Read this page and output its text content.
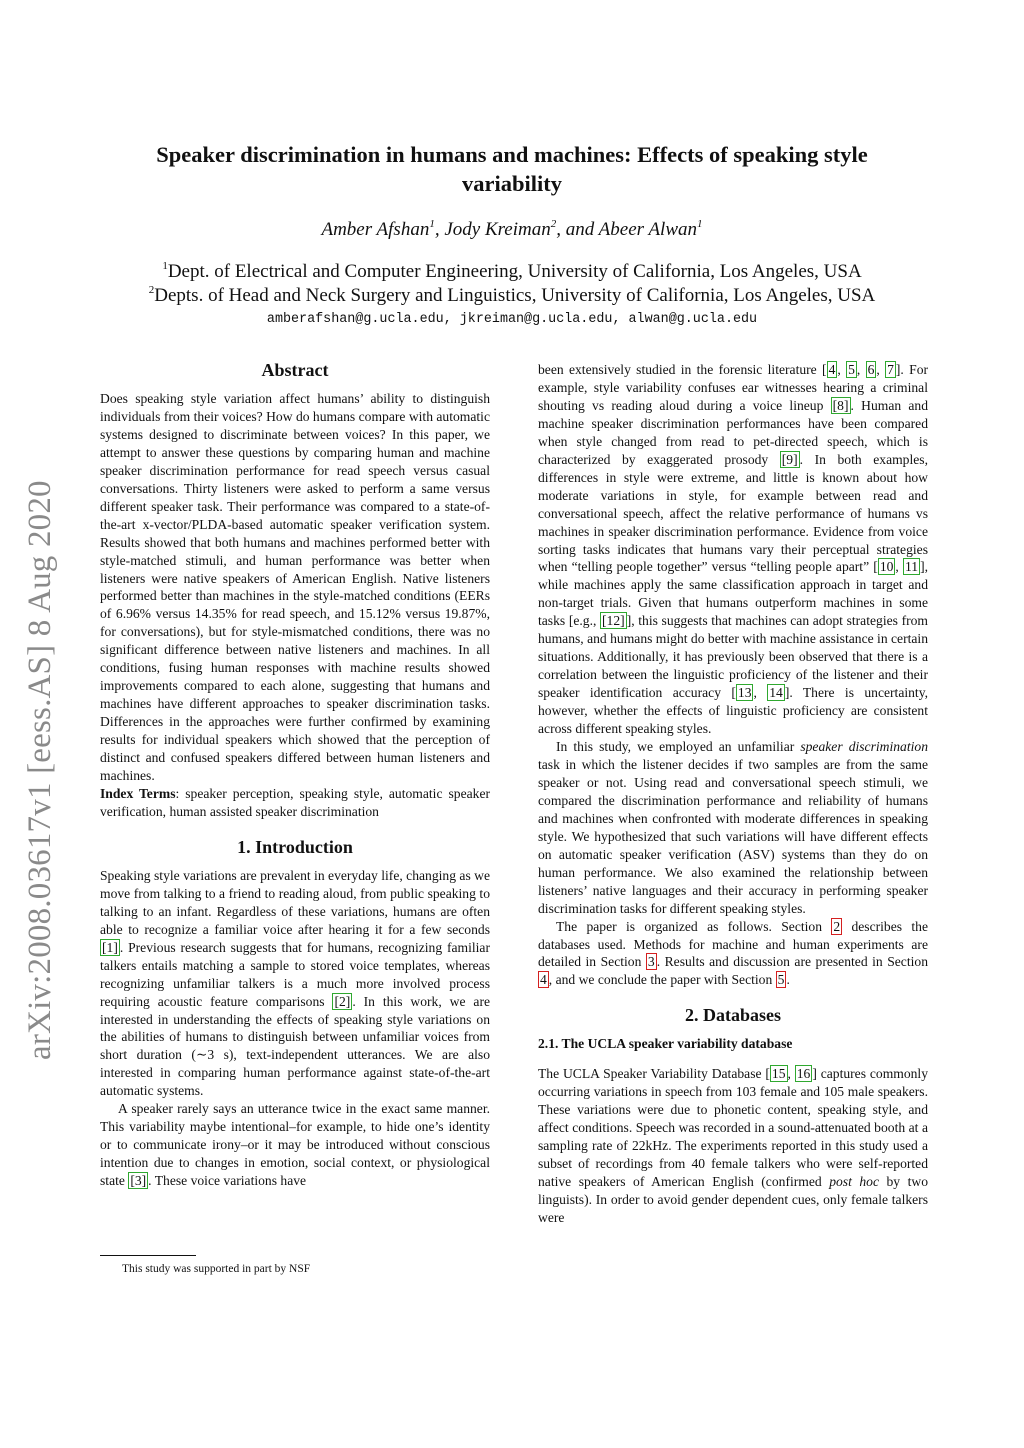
arXiv:2008.03617v1 [eess.AS] 8 Aug 2020
Speaker discrimination in humans and machines: Effects of speaking style
variability
Amber Afshan$^1$, Jody Kreiman$^2$, and Abeer Alwan$^1$
$^1$Dept. of Electrical and Computer Engineering, University of California, Los Angeles, USA
$^2$Depts. of Head and Neck Surgery and Linguistics, University of California, Los Angeles, USA
amberafshan@g.ucla.edu, jkreiman@g.ucla.edu, alwan@g.ucla.edu
Abstract

Does speaking style variation affect humans’ ability to distinguish individuals from their voices? How do humans compare with automatic systems designed to discriminate between voices? In this paper, we attempt to answer these questions by comparing human and machine speaker discrimination performance for read speech versus casual conversations. Thirty listeners were asked to perform a same versus different speaker task. Their performance was compared to a state-of-the-art x-vector/PLDA-based automatic speaker verification system. Results showed that both humans and machines performed better with style-matched stimuli, and human performance was better when listeners were native speakers of American English. Native listeners performed better than machines in the style-matched conditions (EERs of 6.96% versus 14.35% for read speech, and 15.12% versus 19.87%, for conversations), but for style-mismatched conditions, there was no significant difference between native listeners and machines. In all conditions, fusing human responses with machine results showed improvements compared to each alone, suggesting that humans and machines have different approaches to speaker discrimination tasks. Differences in the approaches were further confirmed by examining results for individual speakers which showed that the perception of distinct and confused speakers differed between human listeners and machines.

Index Terms: speaker perception, speaking style, automatic speaker verification, human assisted speaker discrimination

1. Introduction

Speaking style variations are prevalent in everyday life, changing as we move from talking to a friend to reading aloud, from public speaking to talking to an infant. Regardless of these variations, humans are often able to recognize a familiar voice after hearing it for a few seconds [1] . Previous research suggests that for humans, recognizing familiar talkers entails matching a sample to stored voice templates, whereas recognizing unfamiliar talkers is a much more involved process requiring acoustic feature comparisons [2] . In this work, we are interested in understanding the effects of speaking style variations on the abilities of humans to distinguish between unfamiliar voices from short duration (∼3 s), text-independent utterances. We are also interested in comparing human performance against state-of-the-art automatic systems.

A speaker rarely says an utterance twice in the exact same manner. This variability maybe intentional–for example, to hide one’s identity or to communicate irony–or it may be introduced without conscious intention due to changes in emotion, social context, or physiological state [3] . These voice variations have

This study was supported in part by NSF

been extensively studied in the forensic literature [ 4 , 5 , 6 , 7 ]. For example, style variability confuses ear witnesses hearing a criminal shouting vs reading aloud during a voice lineup [8] . Human and machine speaker discrimination performances have been compared when style changed from read to pet-directed speech, which is characterized by exaggerated prosody [9] . In both examples, differences in style were extreme, and little is known about how moderate variations in style, for example between read and conversational speech, affect the relative performance of humans vs machines in speaker discrimination performance. Evidence from voice sorting tasks indicates that humans vary their perceptual strategies when “telling people together” versus “telling people apart” [ 10 , 11 ], while machines apply the same classification approach in target and non-target trials. Given that humans outperform machines in some tasks [e.g., [12] ], this suggests that machines can adopt strategies from humans, and humans might do better with machine assistance in certain situations. Additionally, it has previously been observed that there is a correlation between the linguistic proficiency of the listener and their speaker identification accuracy [ 13 , 14 ]. There is uncertainty, however, whether the effects of linguistic proficiency are consistent across different speaking styles.

In this study, we employed an unfamiliar speaker discrimination task in which the listener decides if two samples are from the same speaker or not. Using read and conversational speech stimuli, we compared the discrimination performance and reliability of humans and machines when confronted with moderate differences in speaking style. We hypothesized that such variations will have different effects on automatic speaker verification (ASV) systems than they do on human performance. We also examined the relationship between listeners’ native languages and their accuracy in performing speaker discrimination tasks for different speaking styles.

The paper is organized as follows. Section 2 describes the databases used. Methods for machine and human experiments are detailed in Section 3 . Results and discussion are presented in Section 4 , and we conclude the paper with Section 5 .

2. Databases
2.1. The UCLA speaker variability database

The UCLA Speaker Variability Database [ 15 , 16 ] captures commonly occurring variations in speech from 103 female and 105 male speakers. These variations were due to phonetic content, speaking style, and affect conditions. Speech was recorded in a sound-attenuated booth at a sampling rate of 22kHz. The experiments reported in this study used a subset of recordings from 40 female talkers who were self-reported native speakers of American English (confirmed post hoc by two linguists). In order to avoid gender dependent cues, only female talkers were
